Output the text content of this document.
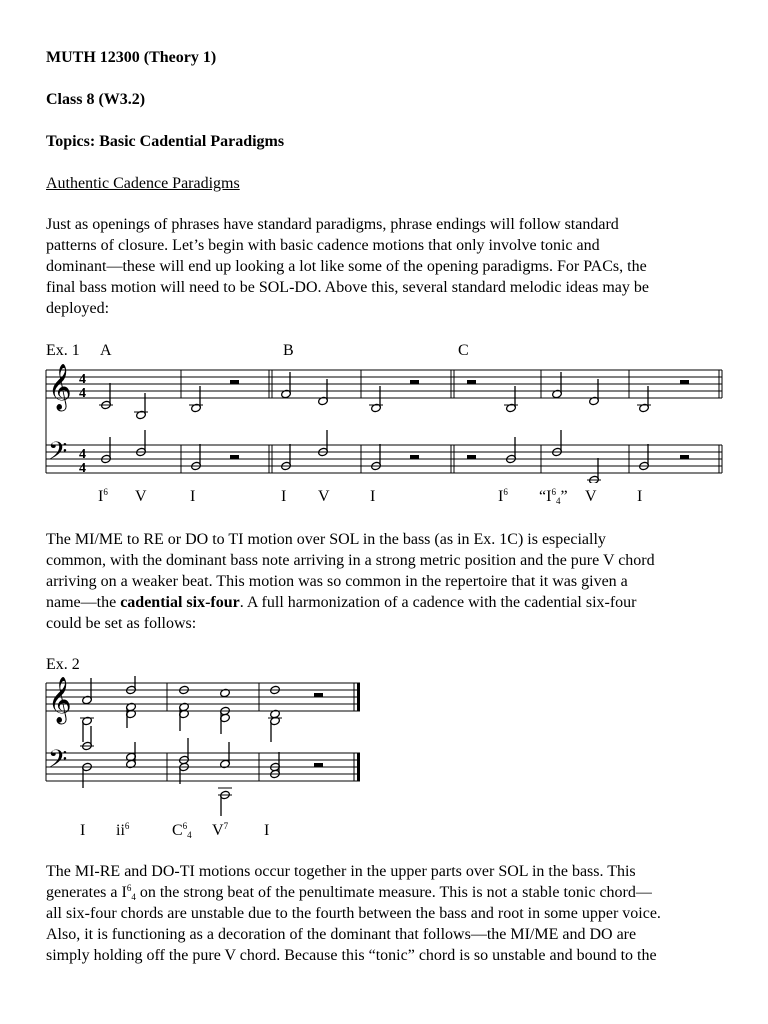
MUTH 12300 (Theory 1)
Class 8 (W3.2)
Topics: Basic Cadential Paradigms
Authentic Cadence Paradigms
Just as openings of phrases have standard paradigms, phrase endings will follow standard
patterns of closure. Let’s begin with basic cadence motions that only involve tonic and
dominant—these will end up looking a lot like some of the opening paradigms. For PACs, the
final bass motion will need to be SOL-DO. Above this, several standard melodic ideas may be
deployed:
Ex. 1 A	B	C
𝄞
𝄢
4
4
4
4
$I^6$ V	I	I V	I	$I^6$ “$I^6_4$” V	I
The MI/ME to RE or DO to TI motion over SOL in the bass (as in Ex. 1C) is especially
common, with the dominant bass note arriving in a strong metric position and the pure V chord
arriving on a weaker beat. This motion was so common in the repertoire that it was given a
name—the cadential six-four. A full harmonization of a cadence with the cadential six-four
could be set as follows:
Ex. 2
𝄞
𝄢
I $ii^6$	$C^6_4$ $V^7$ I
The MI-RE and DO-TI motions occur together in the upper parts over SOL in the bass. This
generates a $I^6_4$ on the strong beat of the penultimate measure. This is not a stable tonic chord—
all six-four chords are unstable due to the fourth between the bass and root in some upper voice.
Also, it is functioning as a decoration of the dominant that follows—the MI/ME and DO are
simply holding off the pure V chord. Because this “tonic” chord is so unstable and bound to the
